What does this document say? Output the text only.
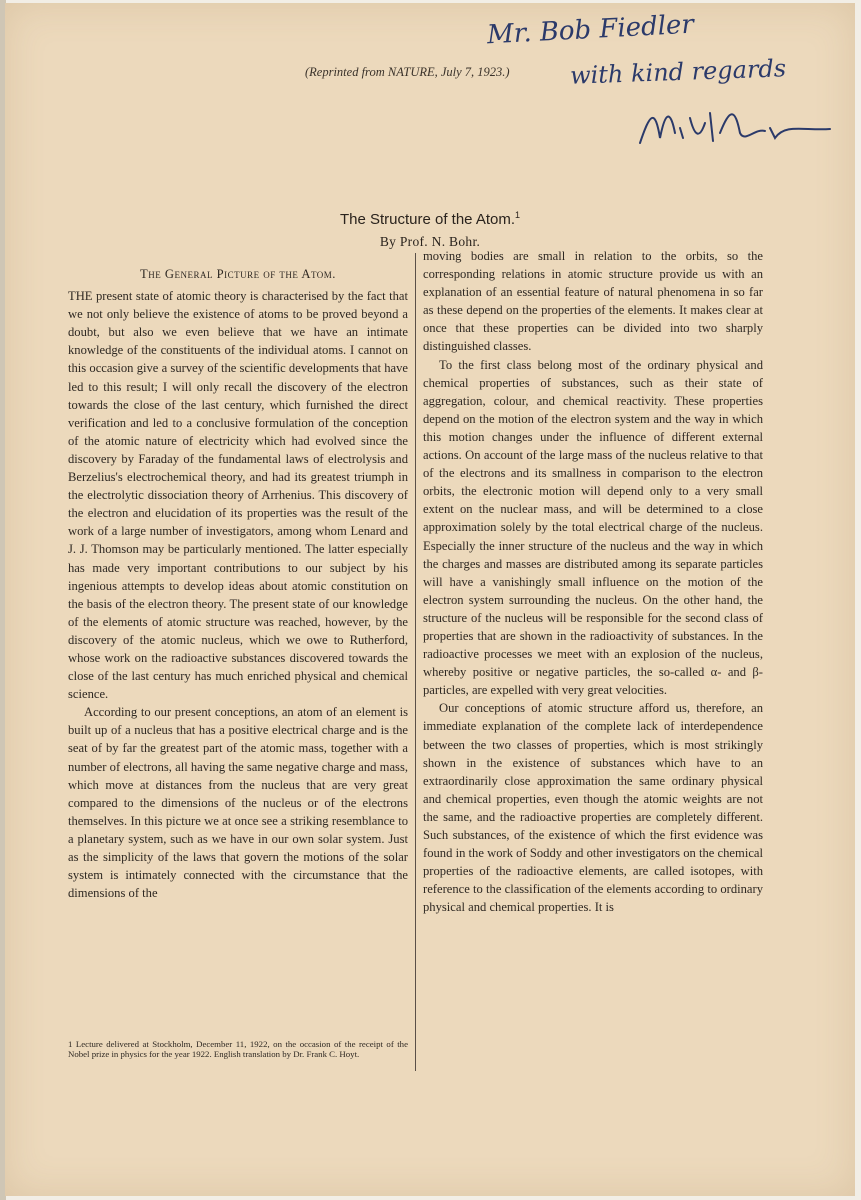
(Reprinted from NATURE, July 7, 1923.)
Mr. Bob Fiedler
with kind regards
The Structure of the Atom.$^1$
By Prof. N. Bohr.
The General Picture of the Atom.

THE present state of atomic theory is characterised by the fact that we not only believe the existence of atoms to be proved beyond a doubt, but also we even believe that we have an intimate knowledge of the constituents of the individual atoms. I cannot on this occasion give a survey of the scientific developments that have led to this result; I will only recall the discovery of the electron towards the close of the last century, which furnished the direct verification and led to a conclusive formulation of the conception of the atomic nature of electricity which had evolved since the discovery by Faraday of the fundamental laws of electrolysis and Berzelius's electrochemical theory, and had its greatest triumph in the electrolytic dissociation theory of Arrhenius. This discovery of the electron and elucidation of its properties was the result of the work of a large number of investigators, among whom Lenard and J. J. Thomson may be particularly mentioned. The latter especially has made very important contributions to our subject by his ingenious attempts to develop ideas about atomic constitution on the basis of the electron theory. The present state of our knowledge of the elements of atomic structure was reached, however, by the discovery of the atomic nucleus, which we owe to Rutherford, whose work on the radioactive substances discovered towards the close of the last century has much enriched physical and chemical science.

According to our present conceptions, an atom of an element is built up of a nucleus that has a positive electrical charge and is the seat of by far the greatest part of the atomic mass, together with a number of electrons, all having the same negative charge and mass, which move at distances from the nucleus that are very great compared to the dimensions of the nucleus or of the electrons themselves. In this picture we at once see a striking resemblance to a planetary system, such as we have in our own solar system. Just as the simplicity of the laws that govern the motions of the solar system is intimately connected with the circumstance that the dimensions of the

moving bodies are small in relation to the orbits, so the corresponding relations in atomic structure provide us with an explanation of an essential feature of natural phenomena in so far as these depend on the properties of the elements. It makes clear at once that these properties can be divided into two sharply distinguished classes.

To the first class belong most of the ordinary physical and chemical properties of substances, such as their state of aggregation, colour, and chemical reactivity. These properties depend on the motion of the electron system and the way in which this motion changes under the influence of different external actions. On account of the large mass of the nucleus relative to that of the electrons and its smallness in comparison to the electron orbits, the electronic motion will depend only to a very small extent on the nuclear mass, and will be determined to a close approximation solely by the total electrical charge of the nucleus. Especially the inner structure of the nucleus and the way in which the charges and masses are distributed among its separate particles will have a vanishingly small influence on the motion of the electron system surrounding the nucleus. On the other hand, the structure of the nucleus will be responsible for the second class of properties that are shown in the radioactivity of substances. In the radioactive processes we meet with an explosion of the nucleus, whereby positive or negative particles, the so-called α- and β-particles, are expelled with very great velocities.

Our conceptions of atomic structure afford us, therefore, an immediate explanation of the complete lack of interdependence between the two classes of properties, which is most strikingly shown in the existence of substances which have to an extraordinarily close approximation the same ordinary physical and chemical properties, even though the atomic weights are not the same, and the radioactive properties are completely different. Such substances, of the existence of which the first evidence was found in the work of Soddy and other investigators on the chemical properties of the radioactive elements, are called isotopes, with reference to the classification of the elements according to ordinary physical and chemical properties. It is

1 Lecture delivered at Stockholm, December 11, 1922, on the occasion of the receipt of the Nobel prize in physics for the year 1922. English translation by Dr. Frank C. Hoyt.
